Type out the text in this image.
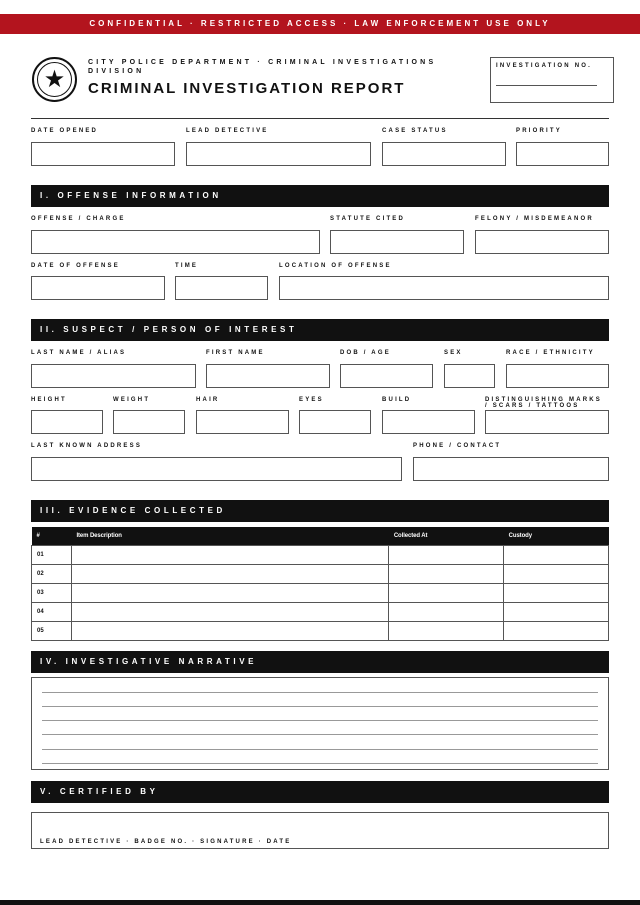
CONFIDENTIAL · RESTRICTED ACCESS · LAW ENFORCEMENT USE ONLY
★
CITY POLICE DEPARTMENT · CRIMINAL INVESTIGATIONS DIVISION
CRIMINAL INVESTIGATION REPORT
INVESTIGATION NO.
DATE OPENED	LEAD DETECTIVE	CASE STATUS	PRIORITY
I. OFFENSE INFORMATION
OFFENSE / CHARGE	STATUTE CITED	FELONY / MISDEMEANOR
DATE OF OFFENSE	TIME	LOCATION OF OFFENSE
II. SUSPECT / PERSON OF INTEREST
LAST NAME / ALIAS	FIRST NAME	DOB / AGE	SEX	RACE / ETHNICITY
HEIGHT	WEIGHT	HAIR	EYES	BUILD	DISTINGUISHING MARKS / SCARS / TATTOOS
LAST KNOWN ADDRESS	PHONE / CONTACT
III. EVIDENCE COLLECTED
#	Item Description	Collected At	Custody
01			
02			
03			
04			
05			
IV. INVESTIGATIVE NARRATIVE
V. CERTIFIED BY
LEAD DETECTIVE · BADGE NO. · SIGNATURE · DATE
